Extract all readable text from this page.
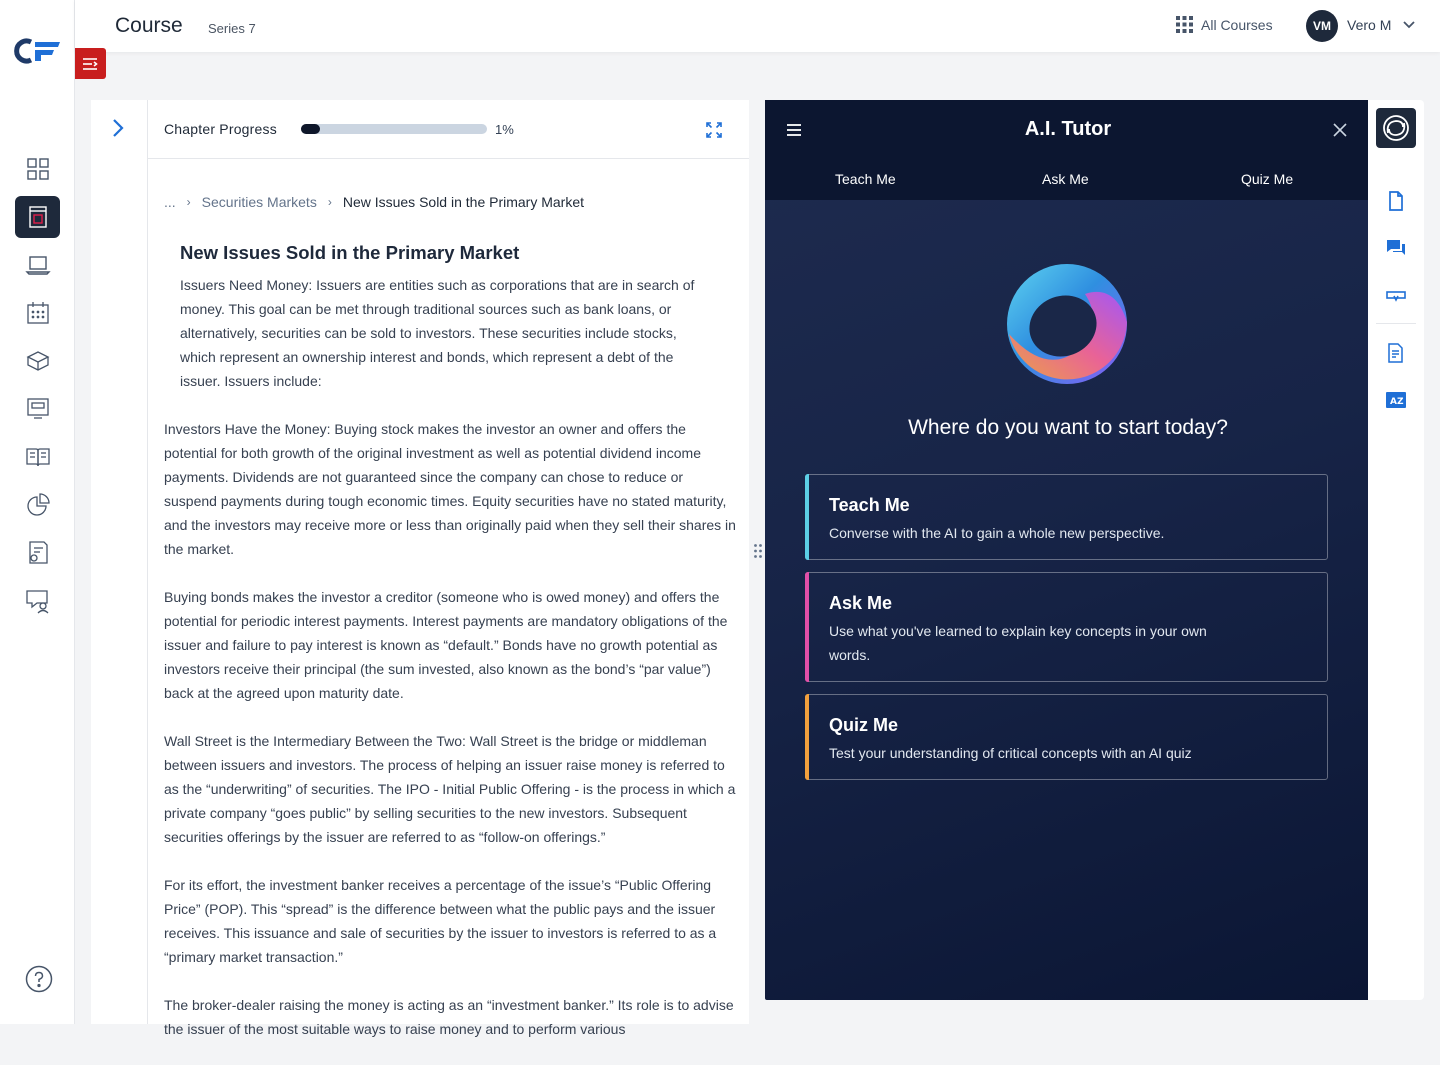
Course Series 7	All Courses	VM	Vero M
Chapter Progress	1%
... › Securities Markets › New Issues Sold in the Primary Market
New Issues Sold in the Primary Market

Issuers Need Money: Issuers are entities such as corporations that are in search of money. This goal can be met through traditional sources such as bank loans, or alternatively, securities can be sold to investors. These securities include stocks, which represent an ownership interest and bonds, which represent a debt of the issuer. Issuers include:

Investors Have the Money: Buying stock makes the investor an owner and offers the potential for both growth of the original investment as well as potential dividend income payments. Dividends are not guaranteed since the company can chose to reduce or suspend payments during tough economic times. Equity securities have no stated maturity, and the investors may receive more or less than originally paid when they sell their shares in the market.

Buying bonds makes the investor a creditor (someone who is owed money) and offers the potential for periodic interest payments. Interest payments are mandatory obligations of the issuer and failure to pay interest is known as “default.” Bonds have no growth potential as investors receive their principal (the sum invested, also known as the bond’s “par value”) back at the agreed upon maturity date.

Wall Street is the Intermediary Between the Two: Wall Street is the bridge or middleman between issuers and investors. The process of helping an issuer raise money is referred to as the “underwriting” of securities. The IPO - Initial Public Offering - is the process in which a private company “goes public” by selling securities to the new investors. Subsequent securities offerings by the issuer are referred to as “follow-on offerings.”

For its effort, the investment banker receives a percentage of the issue’s “Public Offering Price” (POP). This “spread” is the difference between what the public pays and the issuer receives. This issuance and sale of securities by the issuer to investors is referred to as a “primary market transaction.”

The broker-dealer raising the money is acting as an “investment banker.” Its role is to advise the issuer of the most suitable ways to raise money and to perform various

A.I. Tutor
Teach Me	Ask Me	Quiz Me
Where do you want to start today?
Teach Me
Converse with the AI to gain a whole new perspective.
Ask Me
Use what you've learned to explain key concepts in your own words.
Quiz Me
Test your understanding of critical concepts with an AI quiz
A Z
